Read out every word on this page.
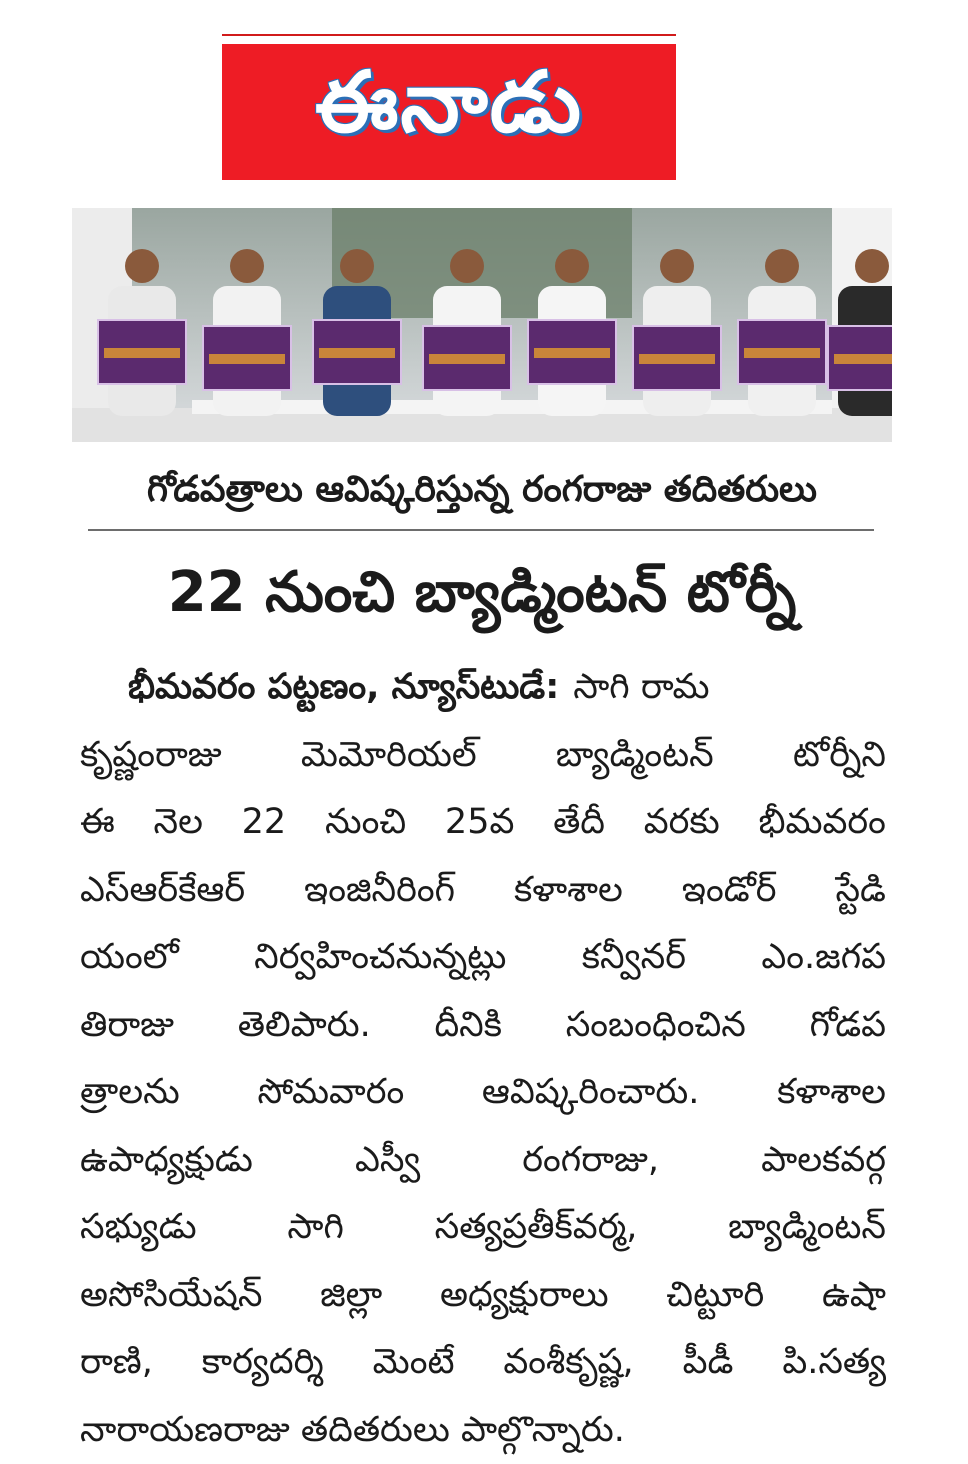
ఈనాడు
గోడపత్రాలు ఆవిష్కరిస్తున్న రంగరాజు తదితరులు
22 నుంచి బ్యాడ్మింటన్ టోర్నీ
భీమవరం పట్టణం, న్యూస్‌టుడే: సాగి రామ
కృష్ణంరాజు మెమోరియల్ బ్యాడ్మింటన్ టోర్నీని
ఈ నెల 22 నుంచి 25వ తేదీ వరకు భీమవరం
ఎస్ఆర్‌కేఆర్ ఇంజినీరింగ్ కళాశాల ఇండోర్ స్టేడి
యంలో నిర్వహించనున్నట్లు కన్వీనర్ ఎం.జగప
తిరాజు తెలిపారు. దీనికి సంబంధించిన గోడప
త్రాలను సోమవారం ఆవిష్కరించారు. కళాశాల
ఉపాధ్యక్షుడు	ఎస్వీ	రంగరాజు,	పాలకవర్గ
సభ్యుడు	సాగి	సత్యప్రతీక్‌వర్మ,	బ్యాడ్మింటన్
అసోసియేషన్ జిల్లా అధ్యక్షురాలు చిట్టూరి ఉషా
రాణి, కార్యదర్శి మెంటే వంశీకృష్ణ, పీడీ పి.సత్య
నారాయణరాజు తదితరులు పాల్గొన్నారు.
